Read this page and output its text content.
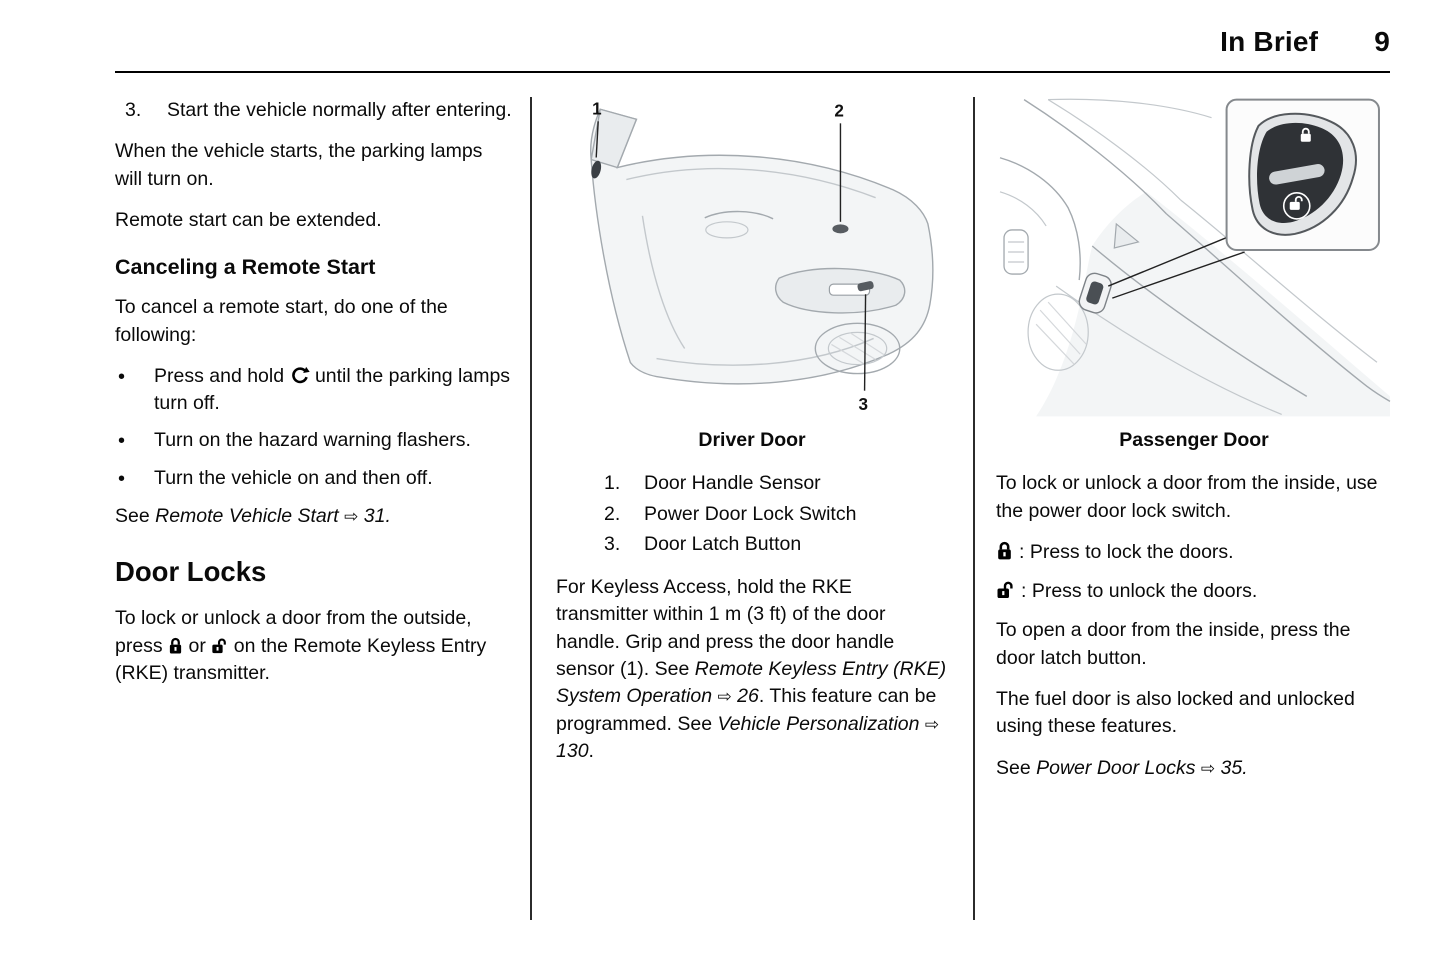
In Brief 9
3.	Start the vehicle normally after entering.

When the vehicle starts, the parking lamps will turn on.

Remote start can be extended.

Canceling a Remote Start

To cancel a remote start, do one of the following:

• Press and hold until the parking lamps turn off.
• Turn on the hazard warning flashers.
• Turn the vehicle on and then off.

See Remote Vehicle Start ⇨ 31.

Door Locks

To lock or unlock a door from the outside, press or on the Remote Keyless Entry (RKE) transmitter.

1	2
3
Driver Door
1.	Door Handle Sensor
2.	Power Door Lock Switch
3.	Door Latch Button

For Keyless Access, hold the RKE transmitter within 1 m (3 ft) of the door handle. Grip and press the door handle sensor (1). See Remote Keyless Entry (RKE) System Operation ⇨ 26. This feature can be programmed. See Vehicle Personalization ⇨ 130.

Passenger Door

To lock or unlock a door from the inside, use the power door lock switch.

: Press to lock the doors.
: Press to unlock the doors.

To open a door from the inside, press the door latch button.

The fuel door is also locked and unlocked using these features.

See Power Door Locks ⇨ 35.
